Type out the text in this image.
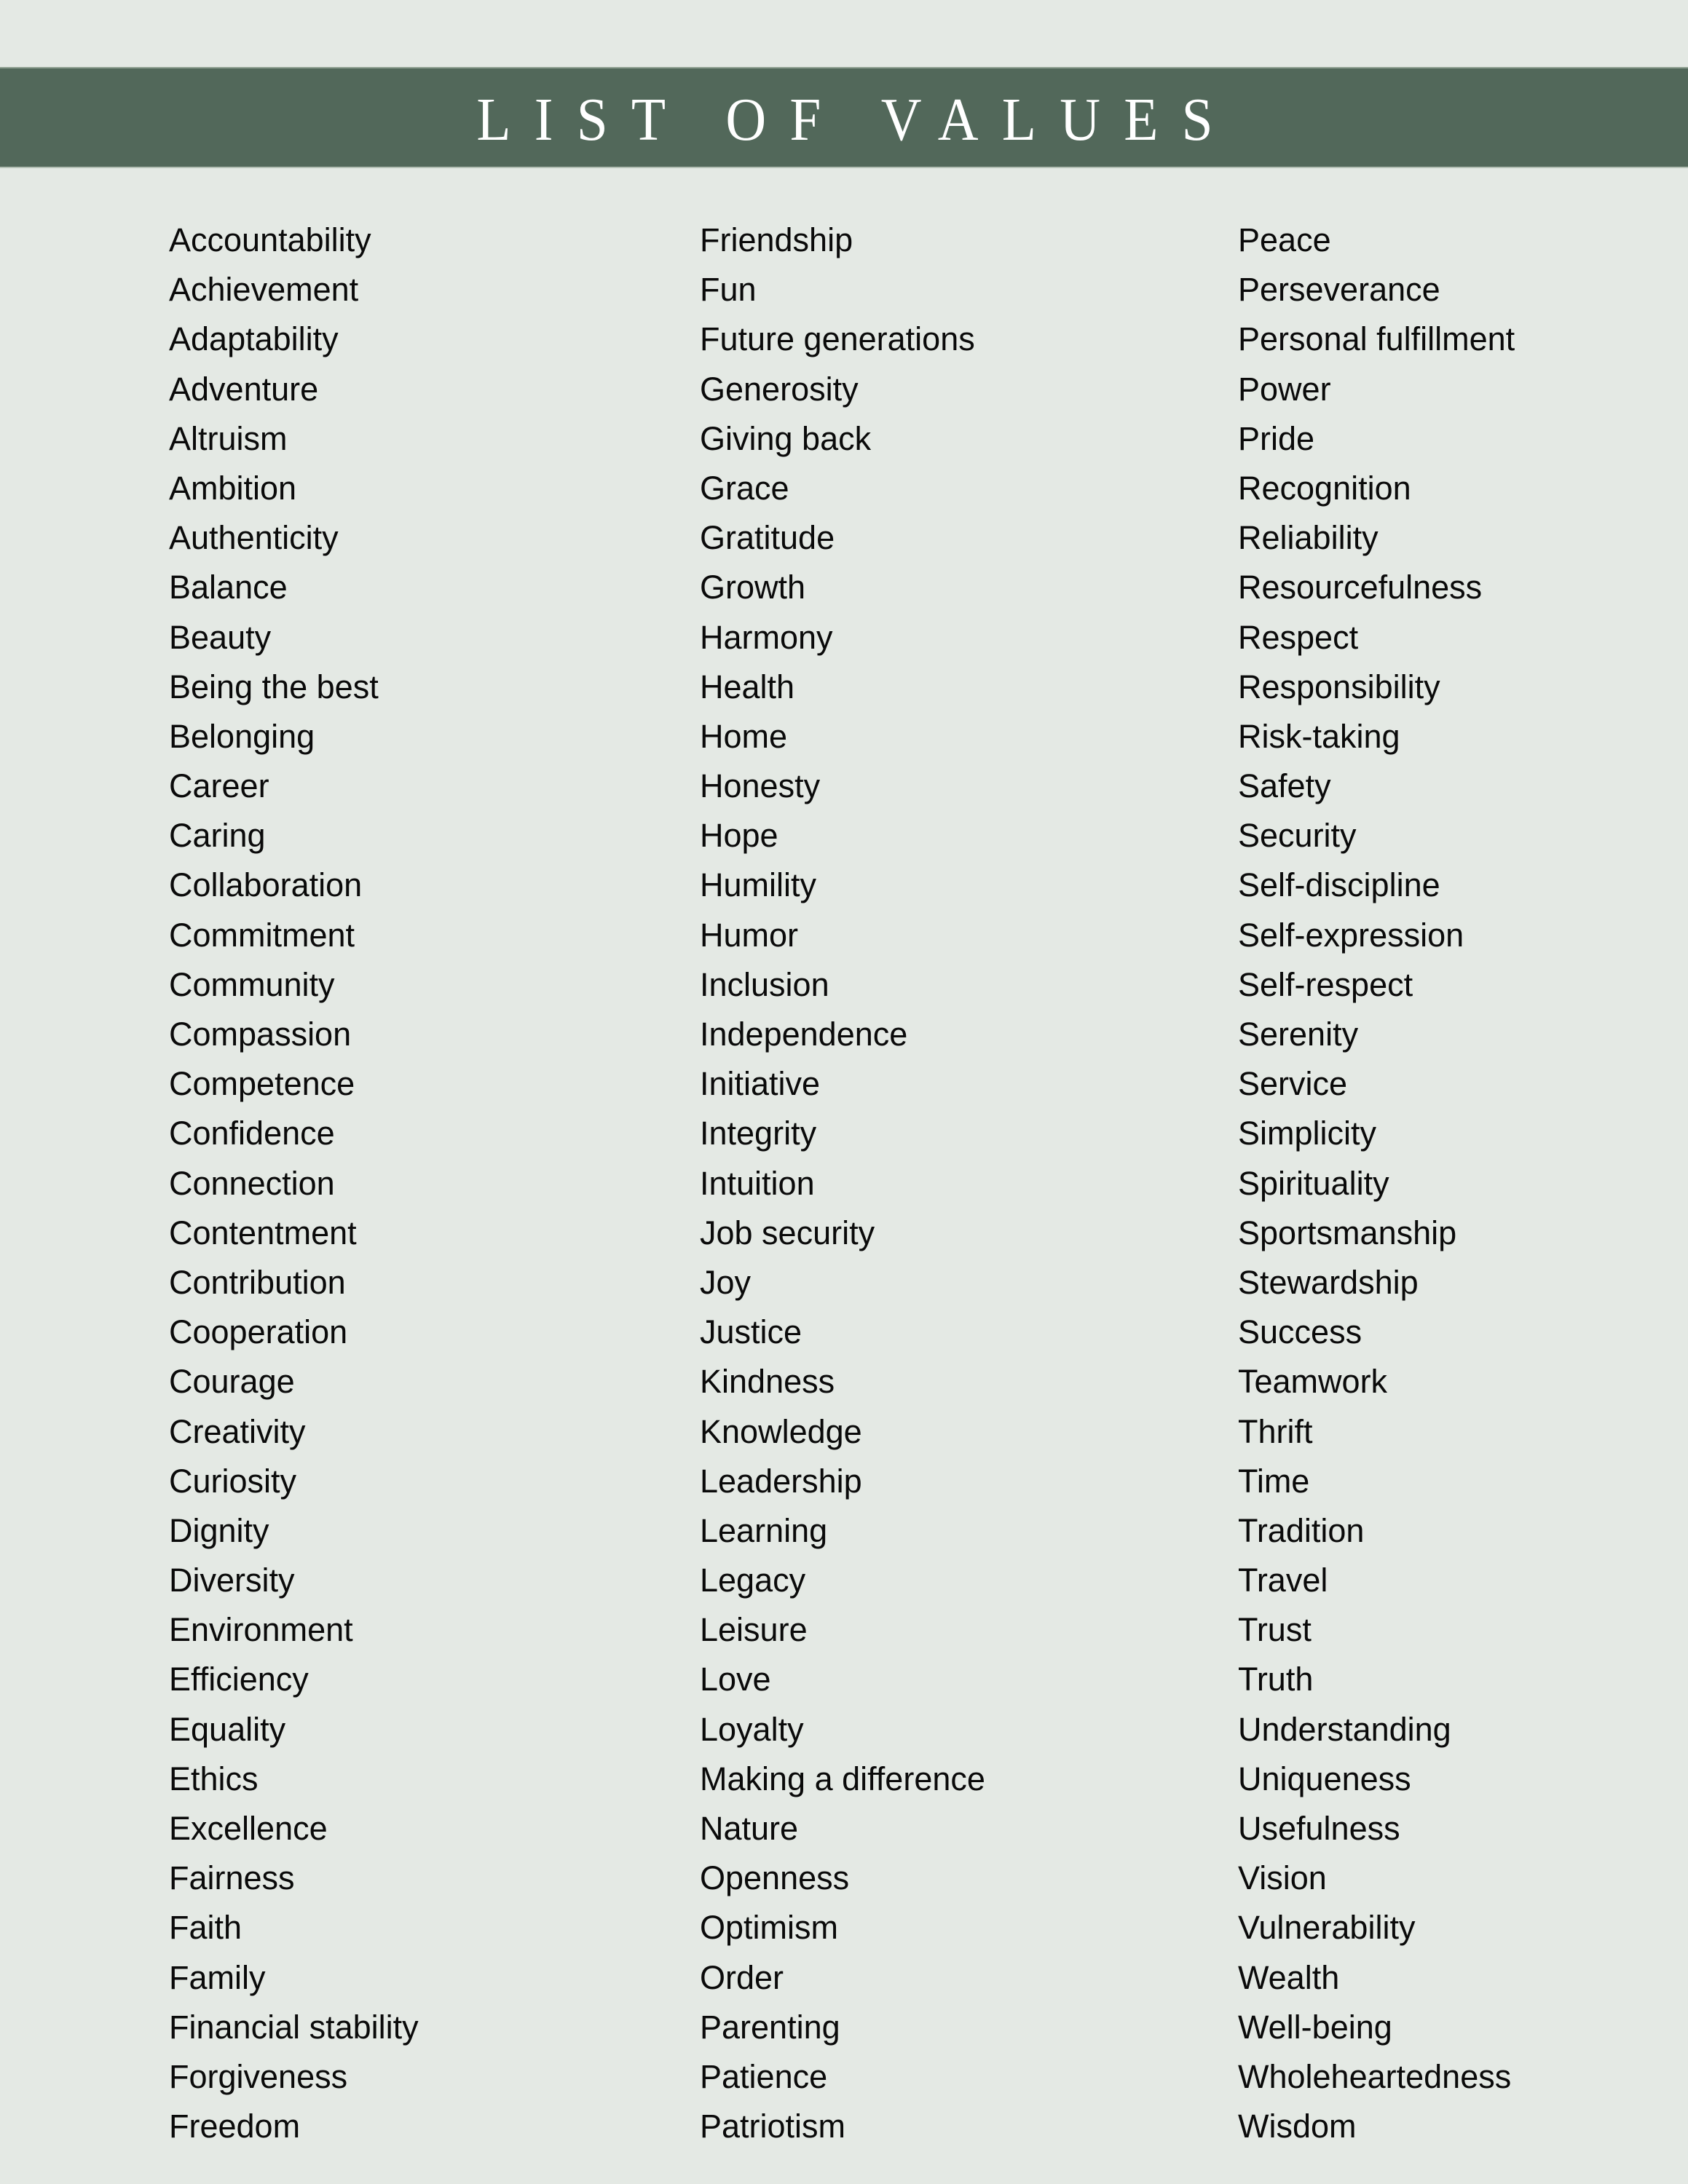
LIST OF VALUES
Accountability
Achievement
Adaptability
Adventure
Altruism
Ambition
Authenticity
Balance
Beauty
Being the best
Belonging
Career
Caring
Collaboration
Commitment
Community
Compassion
Competence
Confidence
Connection
Contentment
Contribution
Cooperation
Courage
Creativity
Curiosity
Dignity
Diversity
Environment
Efficiency
Equality
Ethics
Excellence
Fairness
Faith
Family
Financial stability
Forgiveness
Freedom
Friendship
Fun
Future generations
Generosity
Giving back
Grace
Gratitude
Growth
Harmony
Health
Home
Honesty
Hope
Humility
Humor
Inclusion
Independence
Initiative
Integrity
Intuition
Job security
Joy
Justice
Kindness
Knowledge
Leadership
Learning
Legacy
Leisure
Love
Loyalty
Making a difference
Nature
Openness
Optimism
Order
Parenting
Patience
Patriotism
Peace
Perseverance
Personal fulfillment
Power
Pride
Recognition
Reliability
Resourcefulness
Respect
Responsibility
Risk-taking
Safety
Security
Self-discipline
Self-expression
Self-respect
Serenity
Service
Simplicity
Spirituality
Sportsmanship
Stewardship
Success
Teamwork
Thrift
Time
Tradition
Travel
Trust
Truth
Understanding
Uniqueness
Usefulness
Vision
Vulnerability
Wealth
Well-being
Wholeheartedness
Wisdom
